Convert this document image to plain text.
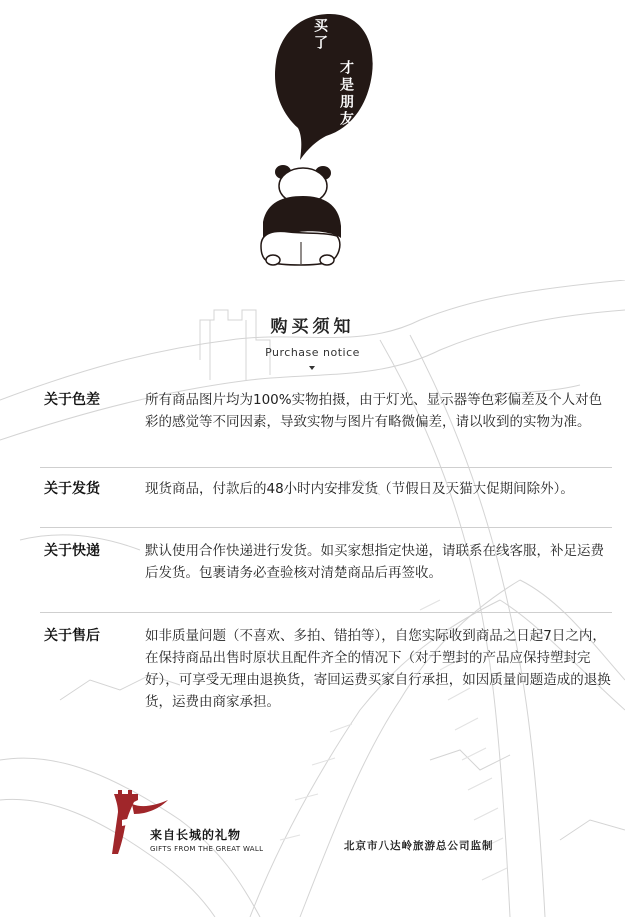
买了
才是朋友
购买须知
Purchase notice
关于色差	所有商品图片均为100%实物拍摄，由于灯光、显示器等色彩偏差及个人对色彩的感觉等不同因素，导致实物与图片有略微偏差，请以收到的实物为准。
关于发货	现货商品，付款后的48小时内安排发货（节假日及天猫大促期间除外）。
关于快递	默认使用合作快递进行发货。如买家想指定快递，请联系在线客服，补足运费后发货。包裹请务必查验核对清楚商品后再签收。
关于售后	如非质量问题（不喜欢、多拍、错拍等），自您实际收到商品之日起7日之内，在保持商品出售时原状且配件齐全的情况下（对于塑封的产品应保持塑封完好），可享受无理由退换货，寄回运费买家自行承担，如因质量问题造成的退换货，运费由商家承担。
来自长城的礼物
GIFTS FROM THE GREAT WALL	北京市八达岭旅游总公司监制
